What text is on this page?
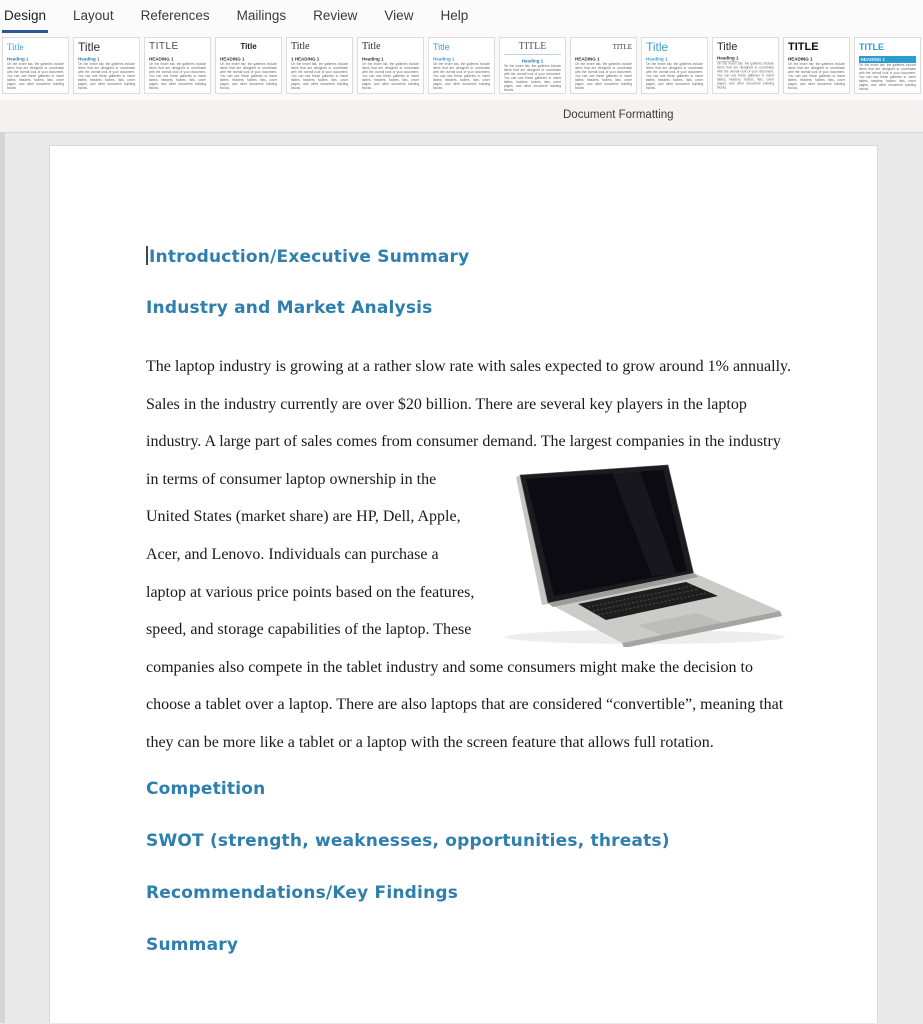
Design Layout References Mailings Review View Help
Title
Heading 1
On the Insert tab, the galleries include items that are designed to coordinate with the overall look of your document. You can use these galleries to insert tables, headers, footers, lists, cover pages, and other document building blocks.
Title
Heading 1
On the Insert tab, the galleries include items that are designed to coordinate with the overall look of your document. You can use these galleries to insert tables, headers, footers, lists, cover pages, and other document building blocks.
TITLE
HEADING 1
On the Insert tab, the galleries include items that are designed to coordinate with the overall look of your document. You can use these galleries to insert tables, headers, footers, lists, cover pages, and other document building blocks.
Title
HEADING 1
On the Insert tab, the galleries include items that are designed to coordinate with the overall look of your document. You can use these galleries to insert tables, headers, footers, lists, cover pages, and other document building blocks.
Title
1 HEADING 1
On the Insert tab, the galleries include items that are designed to coordinate with the overall look of your document. You can use these galleries to insert tables, headers, footers, lists, cover pages, and other document building blocks.
Title
Heading 1
On the Insert tab, the galleries include items that are designed to coordinate with the overall look of your document. You can use these galleries to insert tables, headers, footers, lists, cover pages, and other document building blocks.
Title
Heading 1
On the Insert tab, the galleries include items that are designed to coordinate with the overall look of your document. You can use these galleries to insert tables, headers, footers, lists, cover pages, and other document building blocks.
TITLE
Heading 1
On the Insert tab, the galleries include items that are designed to coordinate with the overall look of your document. You can use these galleries to insert tables, headers, footers, lists, cover pages, and other document building blocks.
TITLE
HEADING 1
On the Insert tab, the galleries include items that are designed to coordinate with the overall look of your document. You can use these galleries to insert tables, headers, footers, lists, cover pages, and other document building blocks.
Title
Heading 1
On the Insert tab, the galleries include items that are designed to coordinate with the overall look of your document. You can use these galleries to insert tables, headers, footers, lists, cover pages, and other document building blocks.
Title
Heading 1
On the Insert tab, the galleries include items that are designed to coordinate with the overall look of your document. You can use these galleries to insert tables, headers, footers, lists, cover pages, and other document building blocks.
TITLE
HEADING 1
On the Insert tab, the galleries include items that are designed to coordinate with the overall look of your document. You can use these galleries to insert tables, headers, footers, lists, cover pages, and other document building blocks.
TITLE
HEADING 1
On the Insert tab, the galleries include items that are designed to coordinate with the overall look of your document. You can use these galleries to insert tables, headers, footers, lists, cover pages, and other document building blocks.
Document Formatting
Introduction/Executive Summary
Industry and Market Analysis

The laptop industry is growing at a rather slow rate with sales expected to grow around 1% annually. Sales in the industry currently are over $20 billion. There are several key players in the laptop industry. A large part of sales comes from consumer demand. The largest companies
in the industry in terms of consumer laptop ownership in the United States (market share) are HP, Dell, Apple, Acer, and Lenovo. Individuals can purchase a laptop at various price points based on the features, speed, and storage capabilities of the laptop. These companies also compete in the tablet industry and some consumers might make the decision to choose a tablet over a laptop. There are also laptops that are considered “convertible”, meaning that they can be more like a tablet or a laptop with the screen feature that allows full rotation.

Competition
SWOT (strength, weaknesses, opportunities, threats)
Recommendations/Key Findings
Summary
